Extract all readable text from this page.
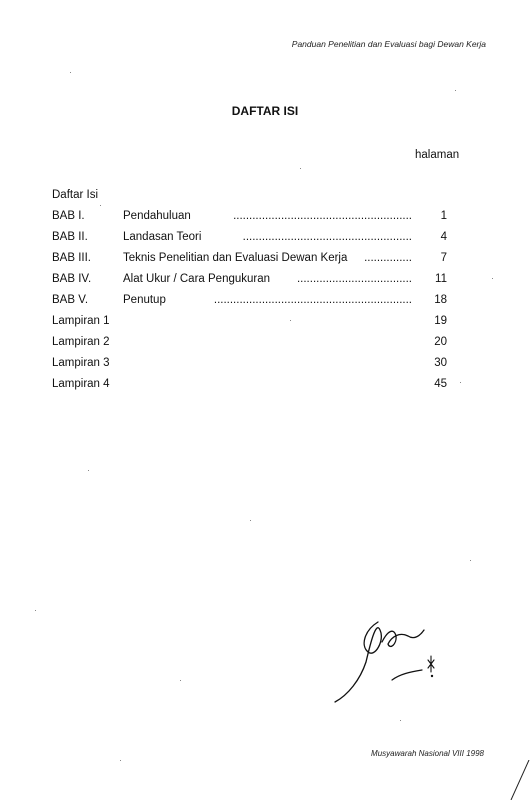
Panduan Penelitian dan Evaluasi bagi Dewan Kerja
DAFTAR ISI
halaman
Daftar Isi
BAB I.	Pendahuluan	........................................................	1
BAB II.	Landasan Teori	.....................................................	4
BAB III.	Teknis Penelitian dan Evaluasi Dewan Kerja ...............	7
BAB IV.	Alat Ukur / Cara Pengukuran ....................................	11
BAB V.	Penutup	..............................................................	18
Lampiran 1	19
Lampiran 2	20
Lampiran 3	30
Lampiran 4	45
Musyawarah Nasional VIII 1998
